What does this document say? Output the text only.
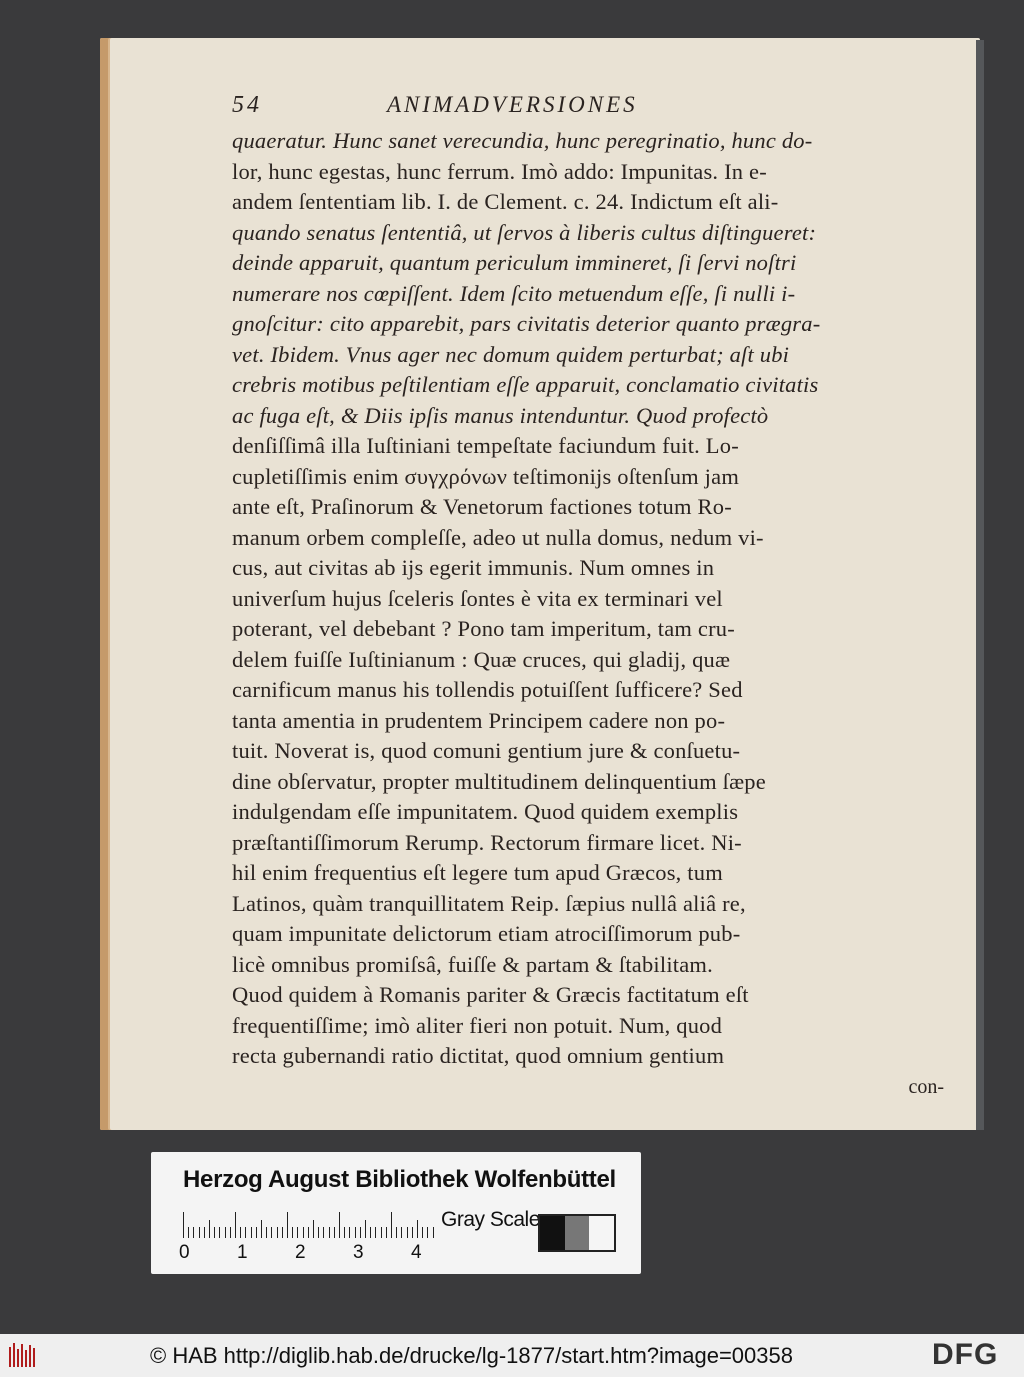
54	ANIMADVERSIONES
quaeratur. Hunc sanet verecundia, hunc peregrinatio, hunc do-
lor, hunc egestas, hunc ferrum. Imò addo: Impunitas. In e-
andem ſententiam lib. I. de Clement. c. 24. Indictum eſt ali-
quando senatus ſententiâ, ut ſervos à liberis cultus diſtingueret:
deinde apparuit, quantum periculum immineret, ſi ſervi noſtri
numerare nos cœpiſſent. Idem ſcito metuendum eſſe, ſi nulli i-
gnoſcitur: cito apparebit, pars civitatis deterior quanto prægra-
vet. Ibidem. Vnus ager nec domum quidem perturbat; aſt ubi
crebris motibus peſtilentiam eſſe apparuit, conclamatio civitatis
ac fuga eſt, & Diis ipſis manus intenduntur. Quod profectò
denſiſſimâ illa Iuſtiniani tempeſtate faciundum fuit. Lo-
cupletiſſimis enim συγχρόνων teſtimonijs oſtenſum jam
ante eſt, Praſinorum & Venetorum factiones totum Ro-
manum orbem compleſſe, adeo ut nulla domus, nedum vi-
cus, aut civitas ab ijs egerit immunis. Num omnes in
univerſum hujus ſceleris ſontes è vita ex terminari vel
poterant, vel debebant ? Pono tam imperitum, tam cru-
delem fuiſſe Iuſtinianum : Quæ cruces, qui gladij, quæ
carnificum manus his tollendis potuiſſent ſufficere? Sed
tanta amentia in prudentem Principem cadere non po-
tuit. Noverat is, quod comuni gentium jure & conſuetu-
dine obſervatur, propter multitudinem delinquentium ſæpe
indulgendam eſſe impunitatem. Quod quidem exemplis
præſtantiſſimorum Rerump. Rectorum firmare licet. Ni-
hil enim frequentius eſt legere tum apud Græcos, tum
Latinos, quàm tranquillitatem Reip. ſæpius nullâ aliâ re,
quam impunitate delictorum etiam atrociſſimorum pub-
licè omnibus promiſsâ, fuiſſe & partam & ſtabilitam.
Quod quidem à Romanis pariter & Græcis factitatum eſt
frequentiſſime; imò aliter fieri non potuit. Num, quod
recta gubernandi ratio dictitat, quod omnium gentium
con-
Herzog August Bibliothek Wolfenbüttel
0 1 2 3 4
Gray Scale
© HAB http://diglib.hab.de/drucke/lg-1877/start.htm?image=00358	DFG
